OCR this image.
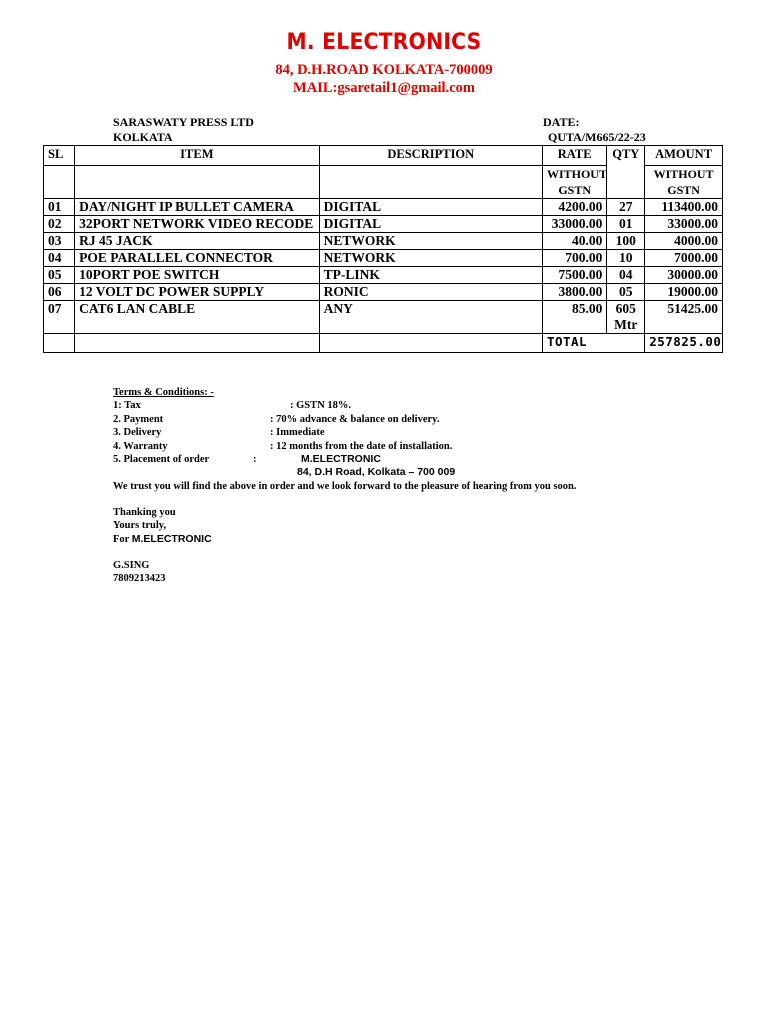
M. ELECTRONICS
84, D.H.ROAD KOLKATA-700009
MAIL:gsaretail1@gmail.com
SARASWATY PRESS LTD
KOLKATA
DATE:
QUTA/M665/22-23
SL	ITEM	DESCRIPTION	RATE	QTY	AMOUNT
			WITHOUT GSTN		WITHOUT GSTN
01	DAY/NIGHT IP BULLET CAMERA	DIGITAL	4200.00	27	113400.00
02	32PORT NETWORK VIDEO RECODE	DIGITAL	33000.00	01	33000.00
03	RJ 45 JACK	NETWORK	40.00	100	4000.00
04	POE PARALLEL CONNECTOR	NETWORK	700.00	10	7000.00
05	10PORT POE SWITCH	TP-LINK	7500.00	04	30000.00
06	12 VOLT DC POWER SUPPLY	RONIC	3800.00	05	19000.00
07	CAT6 LAN CABLE	ANY	85.00	605 Mtr	51425.00
			TOTAL		257825.00
Terms & Conditions: -
1: Tax	: GSTN 18%.
2. Payment	: 70% advance & balance on delivery.
3. Delivery	: Immediate
4. Warranty	: 12 months from the date of installation.
5. Placement of order	:	M.ELECTRONIC
84, D.H Road, Kolkata – 700 009
We trust you will find the above in order and we look forward to the pleasure of hearing from you soon.
Thanking you
Yours truly,
For M.ELECTRONIC
G.SING
7809213423
